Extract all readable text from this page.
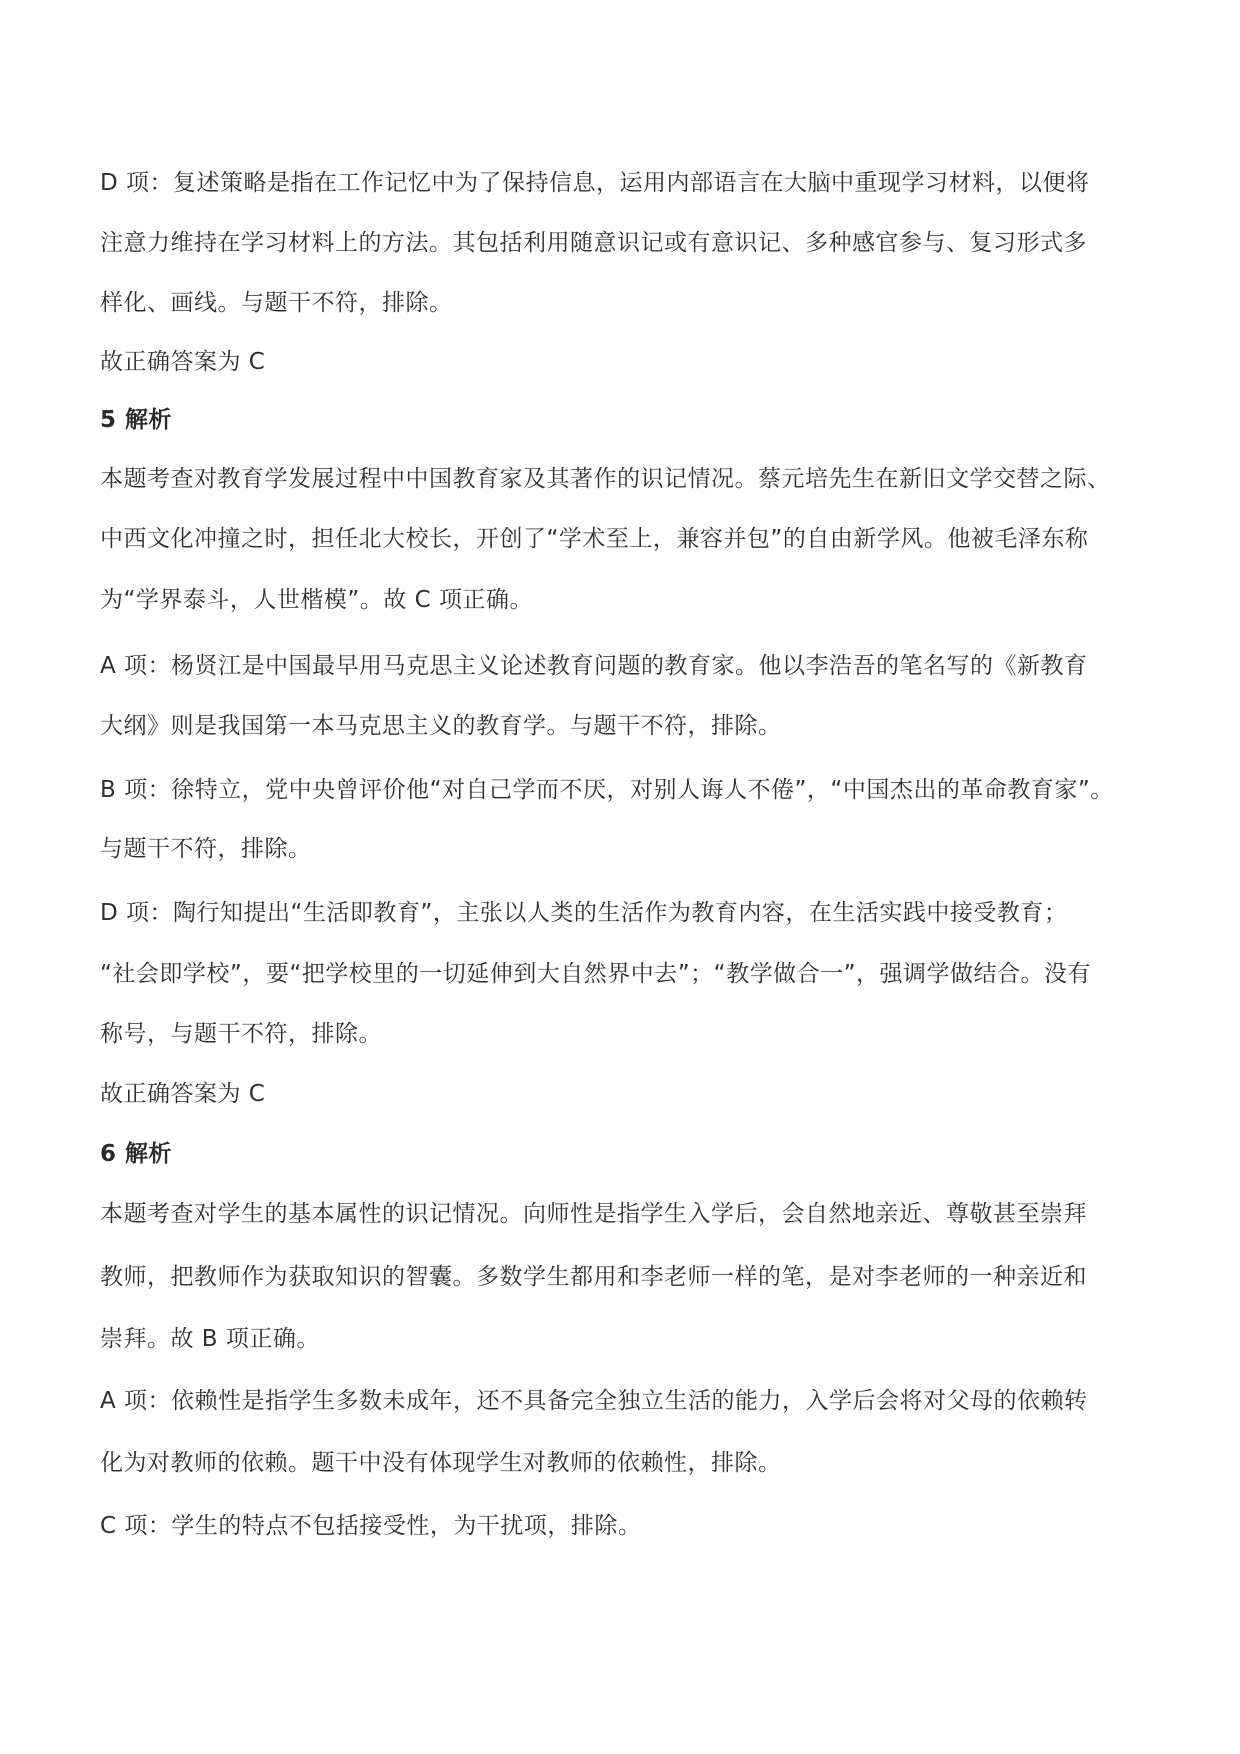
D 项：复述策略是指在工作记忆中为了保持信息，运用内部语言在大脑中重现学习材料，以便将
注意力维持在学习材料上的方法。其包括利用随意识记或有意识记、多种感官参与、复习形式多
样化、画线。与题干不符，排除。
故正确答案为 C
5 解析
本题考查对教育学发展过程中中国教育家及其著作的识记情况。蔡元培先生在新旧文学交替之际、
中西文化冲撞之时，担任北大校长，开创了“学术至上，兼容并包”的自由新学风。他被毛泽东称
为“学界泰斗，人世楷模”。故 C 项正确。
A 项：杨贤江是中国最早用马克思主义论述教育问题的教育家。他以李浩吾的笔名写的《新教育
大纲》则是我国第一本马克思主义的教育学。与题干不符，排除。
B 项：徐特立，党中央曾评价他“对自己学而不厌，对别人诲人不倦”，“中国杰出的革命教育家”。
与题干不符，排除。
D 项：陶行知提出“生活即教育”，主张以人类的生活作为教育内容，在生活实践中接受教育；
“社会即学校”，要“把学校里的一切延伸到大自然界中去”；“教学做合一”，强调学做结合。没有
称号，与题干不符，排除。
故正确答案为 C
6 解析
本题考查对学生的基本属性的识记情况。向师性是指学生入学后，会自然地亲近、尊敬甚至崇拜
教师，把教师作为获取知识的智囊。多数学生都用和李老师一样的笔，是对李老师的一种亲近和
崇拜。故 B 项正确。
A 项：依赖性是指学生多数未成年，还不具备完全独立生活的能力，入学后会将对父母的依赖转
化为对教师的依赖。题干中没有体现学生对教师的依赖性，排除。
C 项：学生的特点不包括接受性，为干扰项，排除。
